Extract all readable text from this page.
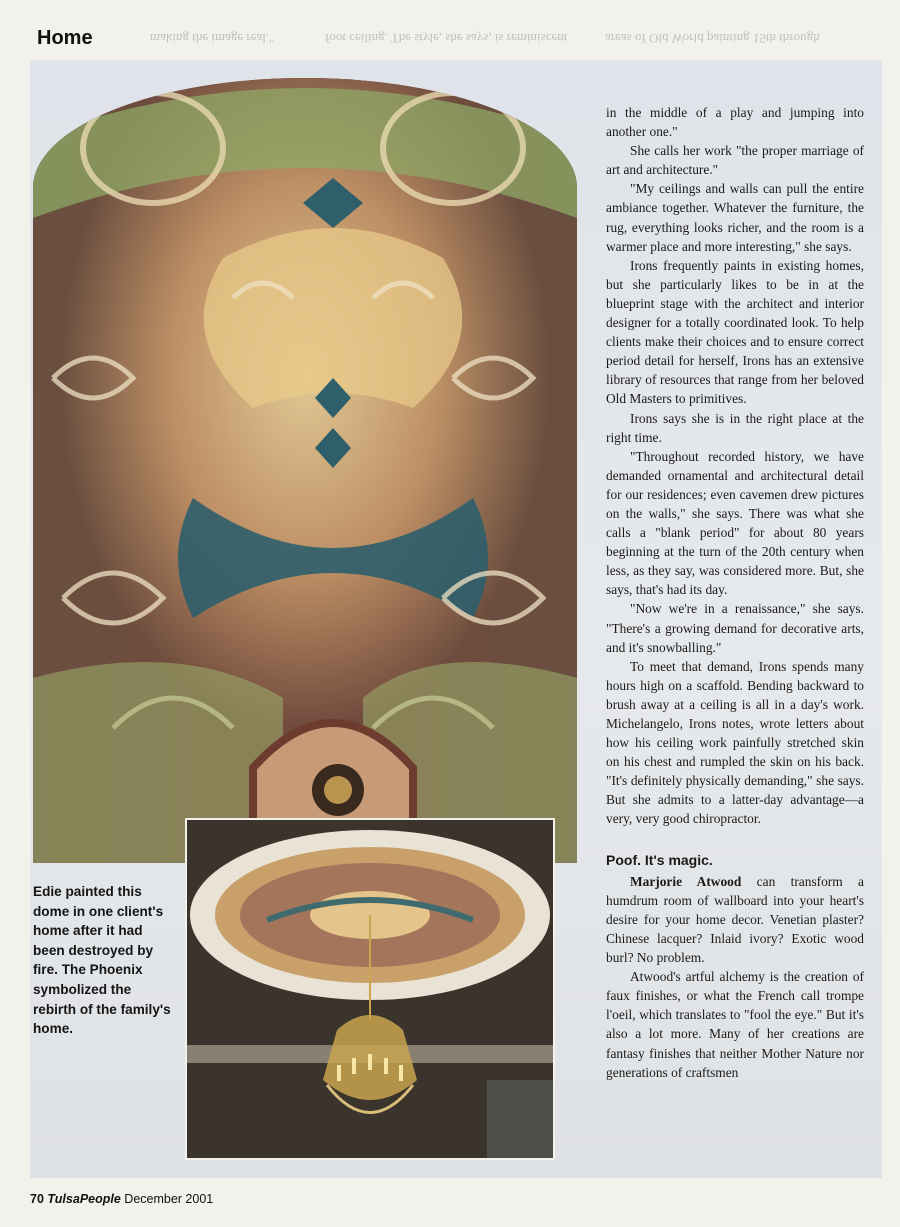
Home	making the image real."	foot ceiling. The style, she says, is reminiscent	areas of Old World painting 15th through
Edie painted this dome in one client's home after it had been destroyed by fire. The Phoenix symbolized the rebirth of the family's home.

in the middle of a play and jumping into another one."

She calls her work "the proper marriage of art and architecture."

"My ceilings and walls can pull the entire ambiance together. Whatever the furniture, the rug, everything looks richer, and the room is a warmer place and more interesting," she says.

Irons frequently paints in existing homes, but she particularly likes to be in at the blueprint stage with the architect and interior designer for a totally coordinated look. To help clients make their choices and to ensure correct period detail for herself, Irons has an extensive library of resources that range from her beloved Old Masters to primitives.

Irons says she is in the right place at the right time.

"Throughout recorded history, we have demanded ornamental and architectural detail for our residences; even cavemen drew pictures on the walls," she says. There was what she calls a "blank period" for about 80 years beginning at the turn of the 20th century when less, as they say, was considered more. But, she says, that's had its day.

"Now we're in a renaissance," she says. "There's a growing demand for decorative arts, and it's snowballing."

To meet that demand, Irons spends many hours high on a scaffold. Bending backward to brush away at a ceiling is all in a day's work. Michelangelo, Irons notes, wrote letters about how his ceiling work painfully stretched skin on his chest and rumpled the skin on his back. "It's definitely physically demanding," she says. But she admits to a latter-day advantage—a very, very good chiropractor.

Poof. It's magic.

Marjorie Atwood can transform a humdrum room of wallboard into your heart's desire for your home decor. Venetian plaster? Chinese lacquer? Inlaid ivory? Exotic wood burl? No problem.

Atwood's artful alchemy is the creation of faux finishes, or what the French call trompe l'oeil, which translates to "fool the eye." But it's also a lot more. Many of her creations are fantasy finishes that neither Mother Nature nor generations of craftsmen

70 TulsaPeople December 2001
